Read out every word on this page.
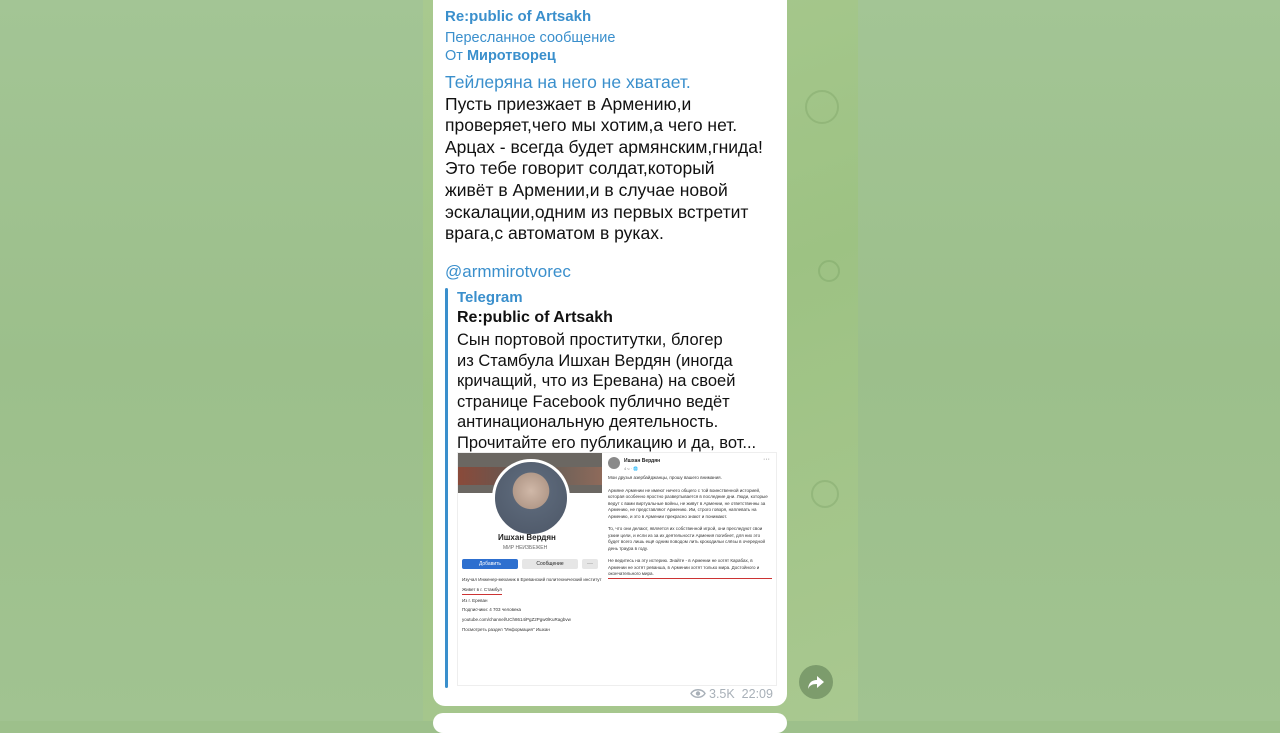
Re:public of Artsakh
Пересланное сообщение
От Миротворец
Тейлеряна на него не хватает.
Пусть приезжает в Армению,и
проверяет,чего мы хотим,а чего нет.
Арцах - всегда будет армянским,гнида!
Это тебе говорит солдат,который
живёт в Армении,и в случае новой
эскалации,одним из первых встретит
врага,с автоматом в руках.
@armmirotvorec
Telegram
Re:public of Artsakh
Сын портовой проститутки, блогер
из Стамбула Ишхан Вердян (иногда
кричащий, что из Еревана) на своей
странице Facebook публично ведёт
антинациональную деятельность.
Прочитайте его публикацию и да, вот...
Ишхан Вердян
МИР НЕИЗБЕЖЕН
Добавить	Сообщение	···
Изучал Инженер-механик в Ереванский политехнический институт
Живет в г. Стамбул
Из г. Ереван
Подписчики: 4 703 человека
youtube.com/channel/UCh8614iPgZ2Pgw0lKuRagbvw
Посмотреть раздел "Информация" Ишхан
Ишхан Вердян
4 ч · 🌐
···

Мои друзья азербайджанцы, прошу вашего внимания.

Армяне Армении не имеют ничего общего с той воинственной историей, которая особенно яростно развертывается в последние дни. Люди, которые ведут с вами виртуальные войны, не живут в Армении, не ответственны за Армению, не представляют Армению. Им, строго говоря, наплевать на Армению, и это в Армении прекрасно знают и понимают.

То, что они делают, является их собственной игрой, они преследуют свои узкие цели, и если из за их деятельности Армения погибнет, для них это будет всего лишь ещё одним поводом лить крокодильи слёзы в очередной день траура в году.

Не ведитесь на эту истерию. Знайте - в Армении не хотят Карабах, в Армении не хотят реванша, в Армении хотят только мира. Достойного и окончательного мира.

3.5K 22:09
